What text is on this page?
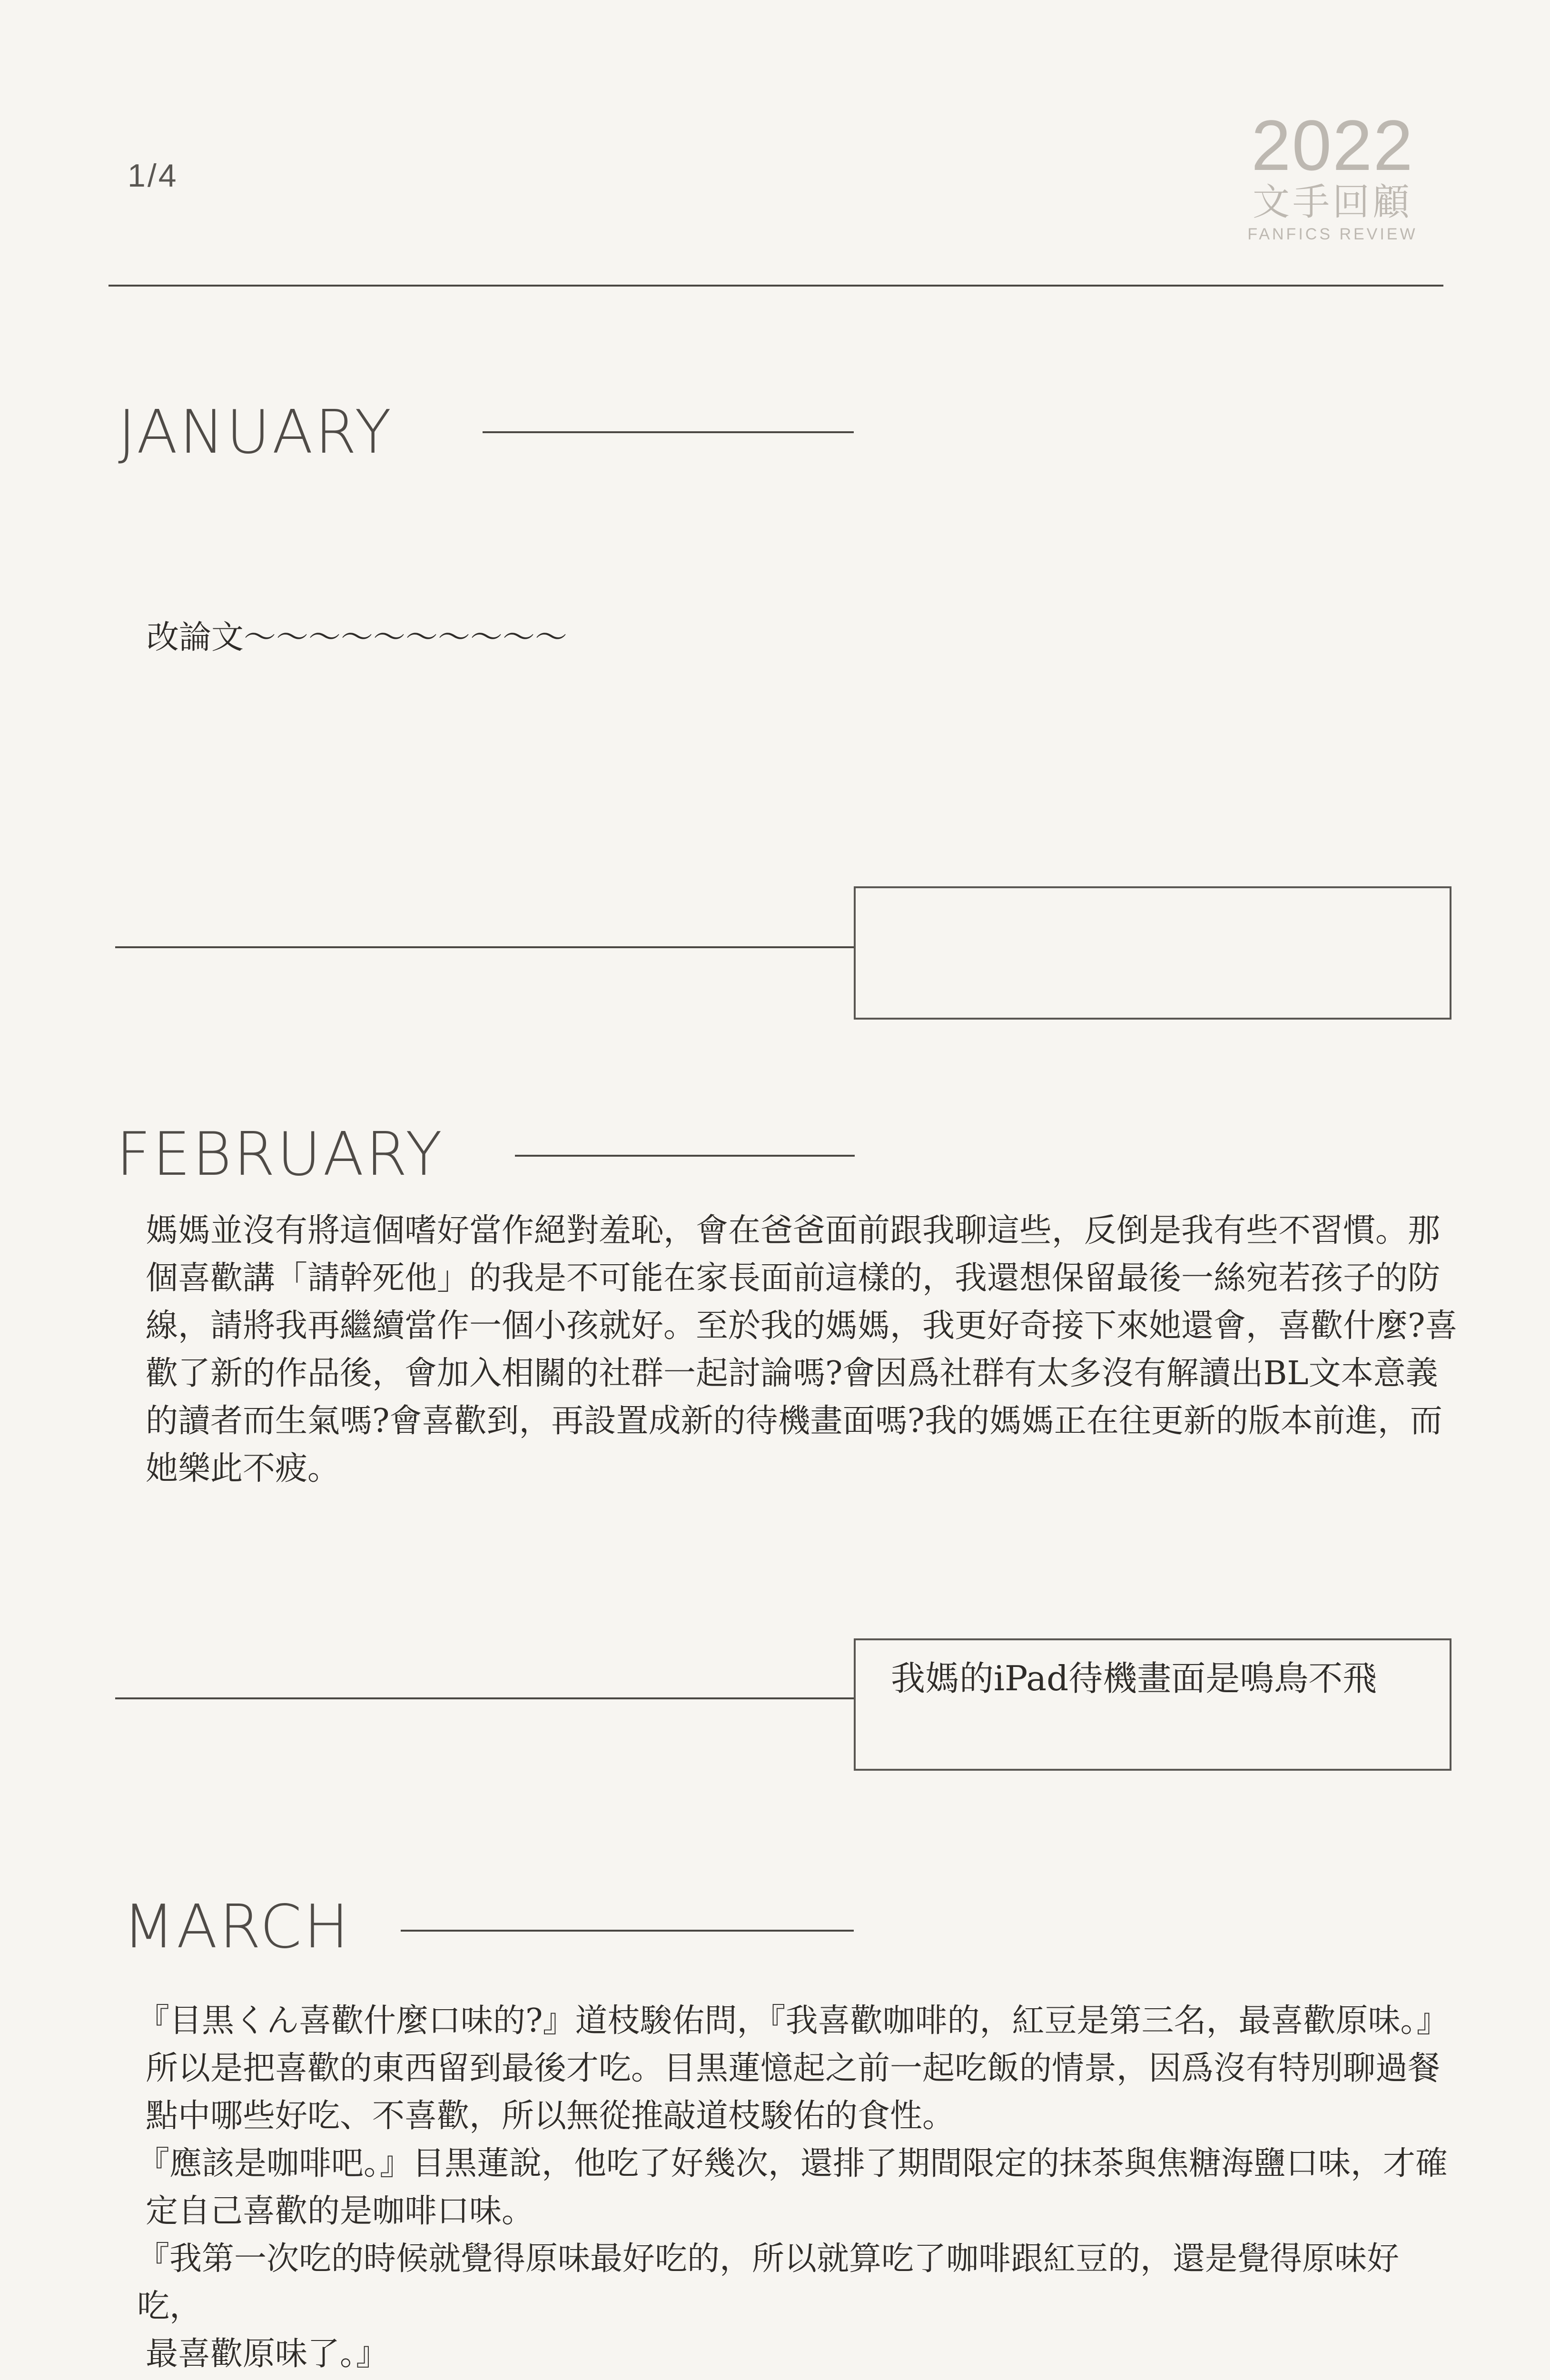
1/4	2022
文手回顧
FANFICS REVIEW
JANUARY
改論文～～～～～～～～～～
FEBRUARY
媽媽並沒有將這個嗜好當作絕對羞恥，會在爸爸面前跟我聊這些，反倒是我有些不習慣。那
個喜歡講「請幹死他」的我是不可能在家長面前這樣的，我還想保留最後一絲宛若孩子的防
線，請將我再繼續當作一個小孩就好。至於我的媽媽，我更好奇接下來她還會，喜歡什麼?喜
歡了新的作品後，會加入相關的社群一起討論嗎?會因爲社群有太多沒有解讀出BL文本意義
的讀者而生氣嗎?會喜歡到，再設置成新的待機畫面嗎?我的媽媽正在往更新的版本前進，而
她樂此不疲。
我媽的iPad待機畫面是鳴鳥不飛
MARCH
『目黒くん喜歡什麼口味的?』道枝駿佑問，『我喜歡咖啡的，紅豆是第三名，最喜歡原味。』
所以是把喜歡的東西留到最後才吃。目黒蓮憶起之前一起吃飯的情景，因爲沒有特別聊過餐
點中哪些好吃、不喜歡，所以無從推敲道枝駿佑的食性。
『應該是咖啡吧。』目黒蓮說，他吃了好幾次，還排了期間限定的抹茶與焦糖海鹽口味，才確
定自己喜歡的是咖啡口味。
『我第一次吃的時候就覺得原味最好吃的，所以就算吃了咖啡跟紅豆的，還是覺得原味好吃，
最喜歡原味了。』
